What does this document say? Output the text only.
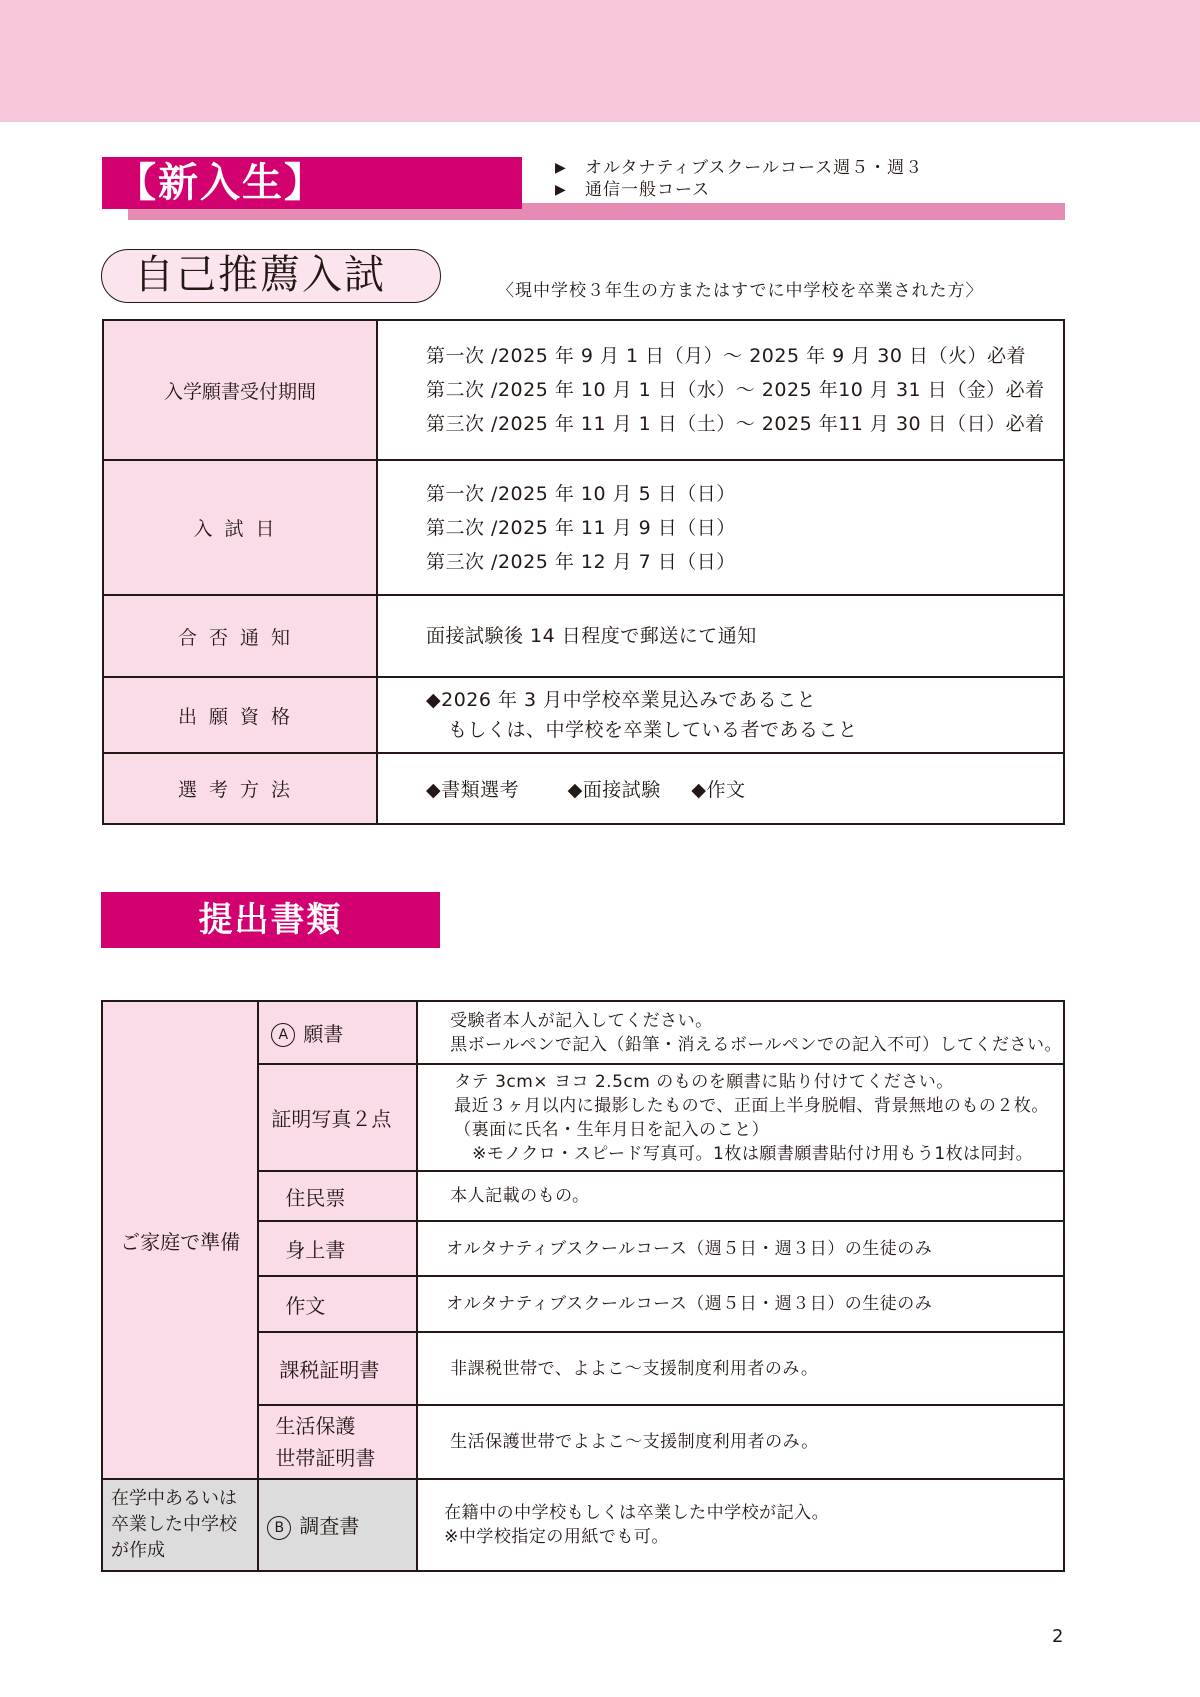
【新入生】	▶	オルタナティブスクールコース週５・週３
▶	通信一般コース
自己推薦入試	〈現中学校３年生の方またはすでに中学校を卒業された方〉
入学願書受付期間	第一次 /2025 年 9 月 1 日（月）〜 2025 年 9 月 30 日（火）必着
第二次 /2025 年 10 月 1 日（水）〜 2025 年10 月 31 日（金）必着
第三次 /2025 年 11 月 1 日（土）〜 2025 年11 月 30 日（日）必着

入試日	第一次 /2025 年 10 月 5 日（日）
第二次 /2025 年 11 月 9 日（日）
第三次 /2025 年 12 月 7 日（日）

合否通知	面接試験後 14 日程度で郵送にて通知

出願資格	◆2026 年 3 月中学校卒業見込みであること
もしくは、中学校を卒業している者であること

選考方法	◆書類選考 ◆面接試験 ◆作文
提出書類
ご家庭で準備	A 願書	受験者本人が記入してください。
黒ボールペンで記入（鉛筆・消えるボールペンでの記入不可）してください。

	証明写真２点	タテ 3cm× ヨコ 2.5cm のものを願書に貼り付けてください。
最近３ヶ月以内に撮影したもので、正面上半身脱帽、背景無地のもの２枚。
（裏面に氏名・生年月日を記入のこと）
※モノクロ・スピード写真可。1枚は願書願書貼付け用もう1枚は同封。

	住民票	本人記載のもの。

	身上書	オルタナティブスクールコース（週５日・週３日）の生徒のみ

	作文	オルタナティブスクールコース（週５日・週３日）の生徒のみ

	課税証明書	非課税世帯で、よよこ〜支援制度利用者のみ。

	生活保護
世帯証明書	生活保護世帯でよよこ〜支援制度利用者のみ。

在学中あるいは卒業した中学校が作成	B 調査書	在籍中の中学校もしくは卒業した中学校が記入。
※中学校指定の用紙でも可。
2
